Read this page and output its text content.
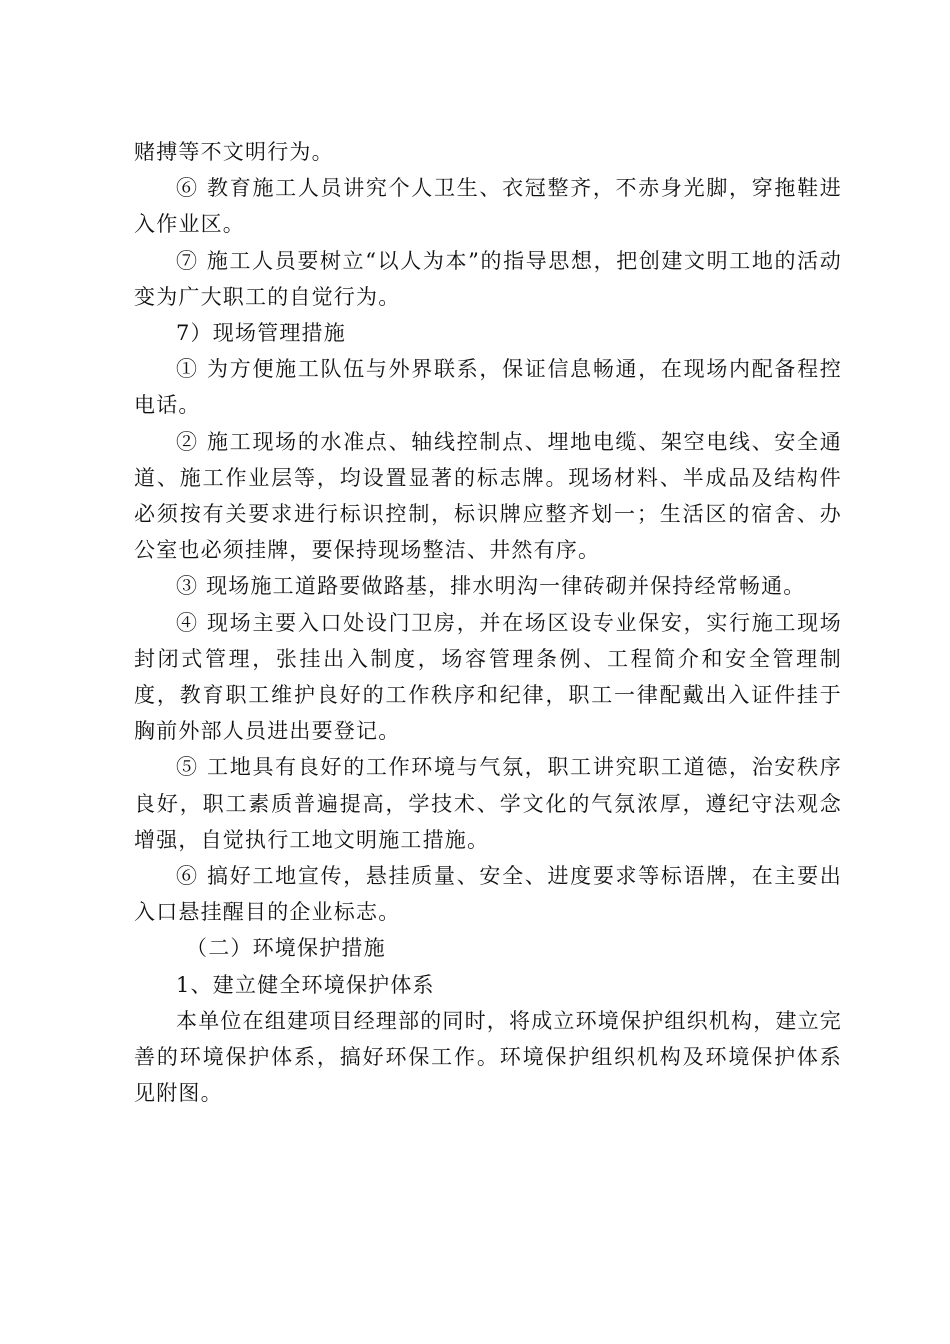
赌搏等不文明行为。

⑥ 教育施工人员讲究个人卫生、衣冠整齐，不赤身光脚，穿拖鞋进入作业区。

⑦ 施工人员要树立“以人为本”的指导思想，把创建文明工地的活动变为广大职工的自觉行为。

7）现场管理措施

① 为方便施工队伍与外界联系，保证信息畅通，在现场内配备程控电话。

② 施工现场的水准点、轴线控制点、埋地电缆、架空电线、安全通道、施工作业层等，均设置显著的标志牌。现场材料、半成品及结构件必须按有关要求进行标识控制，标识牌应整齐划一；生活区的宿舍、办公室也必须挂牌，要保持现场整洁、井然有序。

③ 现场施工道路要做路基，排水明沟一律砖砌并保持经常畅通。

④ 现场主要入口处设门卫房，并在场区设专业保安，实行施工现场封闭式管理，张挂出入制度，场容管理条例、工程简介和安全管理制度，教育职工维护良好的工作秩序和纪律，职工一律配戴出入证件挂于胸前外部人员进出要登记。

⑤ 工地具有良好的工作环境与气氛，职工讲究职工道德，治安秩序良好，职工素质普遍提高，学技术、学文化的气氛浓厚，遵纪守法观念增强，自觉执行工地文明施工措施。

⑥ 搞好工地宣传，悬挂质量、安全、进度要求等标语牌，在主要出入口悬挂醒目的企业标志。

（二）环境保护措施

1、建立健全环境保护体系

本单位在组建项目经理部的同时，将成立环境保护组织机构，建立完善的环境保护体系，搞好环保工作。环境保护组织机构及环境保护体系见附图。
